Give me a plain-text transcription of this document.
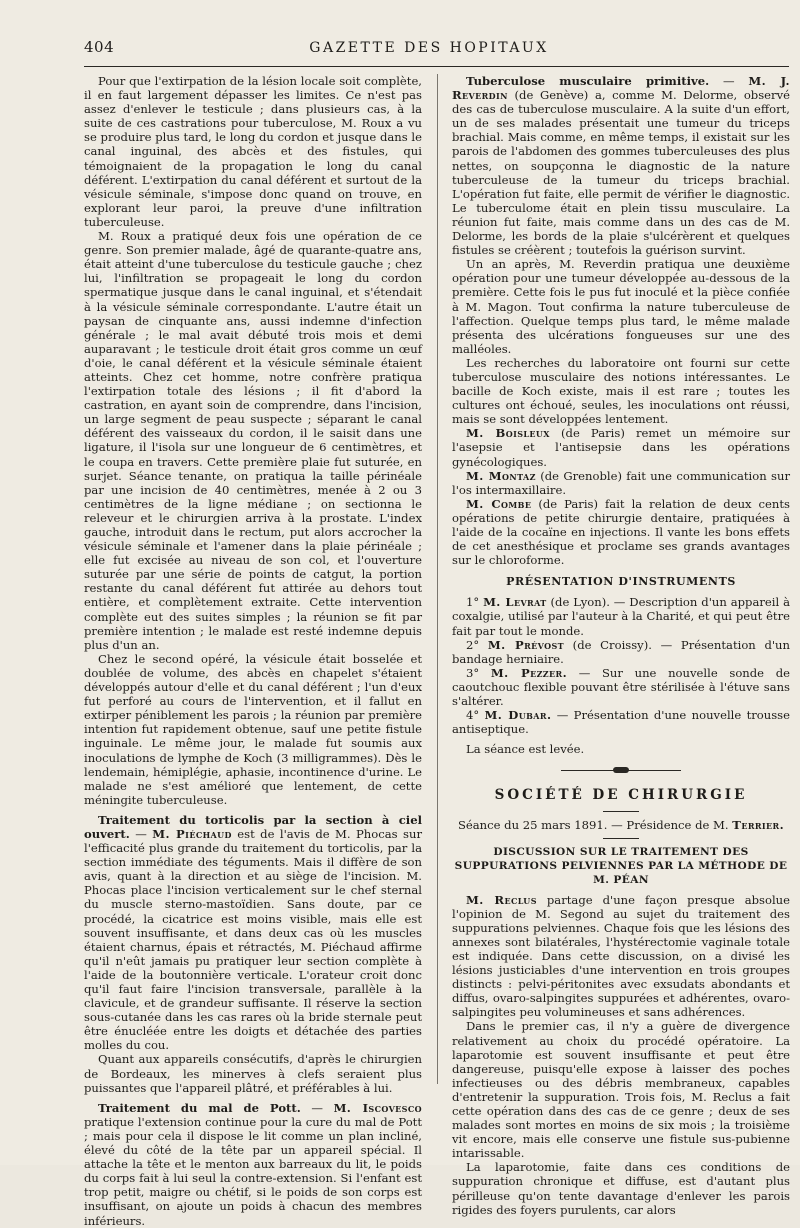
404	GAZETTE DES HOPITAUX

Pour que l'extirpation de la lésion locale soit complète, il en faut largement dépasser les limites. Ce n'est pas assez d'enlever le testicule ; dans plusieurs cas, à la suite de ces castrations pour tuberculose, M. Roux a vu se produire plus tard, le long du cordon et jusque dans le canal inguinal, des abcès et des fistules, qui témoignaient de la propagation le long du canal déférent. L'extirpation du canal déférent et surtout de la vésicule séminale, s'impose donc quand on trouve, en explorant leur paroi, la preuve d'une infiltration tuberculeuse.

M. Roux a pratiqué deux fois une opération de ce genre. Son premier malade, âgé de quarante-quatre ans, était atteint d'une tuberculose du testicule gauche ; chez lui, l'infiltration se propageait le long du cordon spermatique jusque dans le canal inguinal, et s'étendait à la vésicule séminale correspondante. L'autre était un paysan de cinquante ans, aussi indemne d'infection générale ; le mal avait débuté trois mois et demi auparavant ; le testicule droit était gros comme un œuf d'oie, le canal déférent et la vésicule séminale étaient atteints. Chez cet homme, notre confrère pratiqua l'extirpation totale des lésions ; il fit d'abord la castration, en ayant soin de comprendre, dans l'incision, un large segment de peau suspecte ; séparant le canal déférent des vaisseaux du cordon, il le saisit dans une ligature, il l'isola sur une longueur de 6 centimètres, et le coupa en travers. Cette première plaie fut suturée, en surjet. Séance tenante, on pratiqua la taille périnéale par une incision de 40 centimètres, menée à 2 ou 3 centimètres de la ligne médiane ; on sectionna le releveur et le chirurgien arriva à la prostate. L'index gauche, introduit dans le rectum, put alors accrocher la vésicule séminale et l'amener dans la plaie périnéale ; elle fut excisée au niveau de son col, et l'ouverture suturée par une série de points de catgut, la portion restante du canal déférent fut attirée au dehors tout entière, et complètement extraite. Cette intervention complète eut des suites simples ; la réunion se fit par première intention ; le malade est resté indemne depuis plus d'un an.

Chez le second opéré, la vésicule était bosselée et doublée de volume, des abcès en chapelet s'étaient développés autour d'elle et du canal déférent ; l'un d'eux fut perforé au cours de l'intervention, et il fallut en extirper péniblement les parois ; la réunion par première intention fut rapidement obtenue, sauf une petite fistule inguinale. Le même jour, le malade fut soumis aux inoculations de lymphe de Koch (3 milligrammes). Dès le lendemain, hémiplégie, aphasie, incontinence d'urine. Le malade ne s'est amélioré que lentement, de cette méningite tuberculeuse.

Traitement du torticolis par la section à ciel ouvert. — M. Piéchaud est de l'avis de M. Phocas sur l'efficacité plus grande du traitement du torticolis, par la section immédiate des téguments. Mais il diffère de son avis, quant à la direction et au siège de l'incision. M. Phocas place l'incision verticalement sur le chef sternal du muscle sterno-mastoïdien. Sans doute, par ce procédé, la cicatrice est moins visible, mais elle est souvent insuffisante, et dans deux cas où les muscles étaient charnus, épais et rétractés, M. Piéchaud affirme qu'il n'eût jamais pu pratiquer leur section complète à l'aide de la boutonnière verticale. L'orateur croit donc qu'il faut faire l'incision transversale, parallèle à la clavicule, et de grandeur suffisante. Il réserve la section sous-cutanée dans les cas rares où la bride sternale peut être énucléée entre les doigts et détachée des parties molles du cou.

Quant aux appareils consécutifs, d'après le chirurgien de Bordeaux, les minerves à clefs seraient plus puissantes que l'appareil plâtré, et préférables à lui.

Traitement du mal de Pott. — M. Iscovesco pratique l'extension continue pour la cure du mal de Pott ; mais pour cela il dispose le lit comme un plan incliné, élevé du côté de la tête par un appareil spécial. Il attache la tête et le menton aux barreaux du lit, le poids du corps fait à lui seul la contre-extension. Si l'enfant est trop petit, maigre ou chétif, si le poids de son corps est insuffisant, on ajoute un poids à chacun des membres inférieurs.

Tuberculose musculaire primitive. — M. J. Reverdin (de Genève) a, comme M. Delorme, observé des cas de tuberculose musculaire. A la suite d'un effort, un de ses malades présentait une tumeur du triceps brachial. Mais comme, en même temps, il existait sur les parois de l'abdomen des gommes tuberculeuses des plus nettes, on soupçonna le diagnostic de la nature tuberculeuse de la tumeur du triceps brachial. L'opération fut faite, elle permit de vérifier le diagnostic. Le tuberculome était en plein tissu musculaire. La réunion fut faite, mais comme dans un des cas de M. Delorme, les bords de la plaie s'ulcérèrent et quelques fistules se créèrent ; toutefois la guérison survint.

Un an après, M. Reverdin pratiqua une deuxième opération pour une tumeur développée au-dessous de la première. Cette fois le pus fut inoculé et la pièce confiée à M. Magon. Tout confirma la nature tuberculeuse de l'affection. Quelque temps plus tard, le même malade présenta des ulcérations fongueuses sur une des malléoles.

Les recherches du laboratoire ont fourni sur cette tuberculose musculaire des notions intéressantes. Le bacille de Koch existe, mais il est rare ; toutes les cultures ont échoué, seules, les inoculations ont réussi, mais se sont développées lentement.

M. Boisleux (de Paris) remet un mémoire sur l'asepsie et l'antisepsie dans les opérations gynécologiques.

M. Montaz (de Grenoble) fait une communication sur l'os intermaxillaire.

M. Combe (de Paris) fait la relation de deux cents opérations de petite chirurgie dentaire, pratiquées à l'aide de la cocaïne en injections. Il vante les bons effets de cet anesthésique et proclame ses grands avantages sur le chloroforme.

PRÉSENTATION D'INSTRUMENTS

1° M. Levrat (de Lyon). — Description d'un appareil à coxalgie, utilisé par l'auteur à la Charité, et qui peut être fait par tout le monde.

2° M. Prévost (de Croissy). — Présentation d'un bandage herniaire.

3° M. Pezzer. — Sur une nouvelle sonde de caoutchouc flexible pouvant être stérilisée à l'étuve sans s'altérer.

4° M. Dubar. — Présentation d'une nouvelle trousse antiseptique.

La séance est levée.

SOCIÉTÉ DE CHIRURGIE

Séance du 25 mars 1891. — Présidence de M. Terrier.

DISCUSSION SUR LE TRAITEMENT DES SUPPURATIONS PELVIENNES PAR LA MÉTHODE DE M. PÉAN

M. Reclus partage d'une façon presque absolue l'opinion de M. Segond au sujet du traitement des suppurations pelviennes. Chaque fois que les lésions des annexes sont bilatérales, l'hystérectomie vaginale totale est indiquée. Dans cette discussion, on a divisé les lésions justiciables d'une intervention en trois groupes distincts : pelvi-péritonites avec exsudats abondants et diffus, ovaro-salpingites suppurées et adhérentes, ovaro-salpingites peu volumineuses et sans adhérences.

Dans le premier cas, il n'y a guère de divergence relativement au choix du procédé opératoire. La laparotomie est souvent insuffisante et peut être dangereuse, puisqu'elle expose à laisser des poches infectieuses ou des débris membraneux, capables d'entretenir la suppuration. Trois fois, M. Reclus a fait cette opération dans des cas de ce genre ; deux de ses malades sont mortes en moins de six mois ; la troisième vit encore, mais elle conserve une fistule sus-pubienne intarissable.

La laparotomie, faite dans ces conditions de suppuration chronique et diffuse, est d'autant plus périlleuse qu'on tente davantage d'enlever les parois rigides des foyers purulents, car alors
